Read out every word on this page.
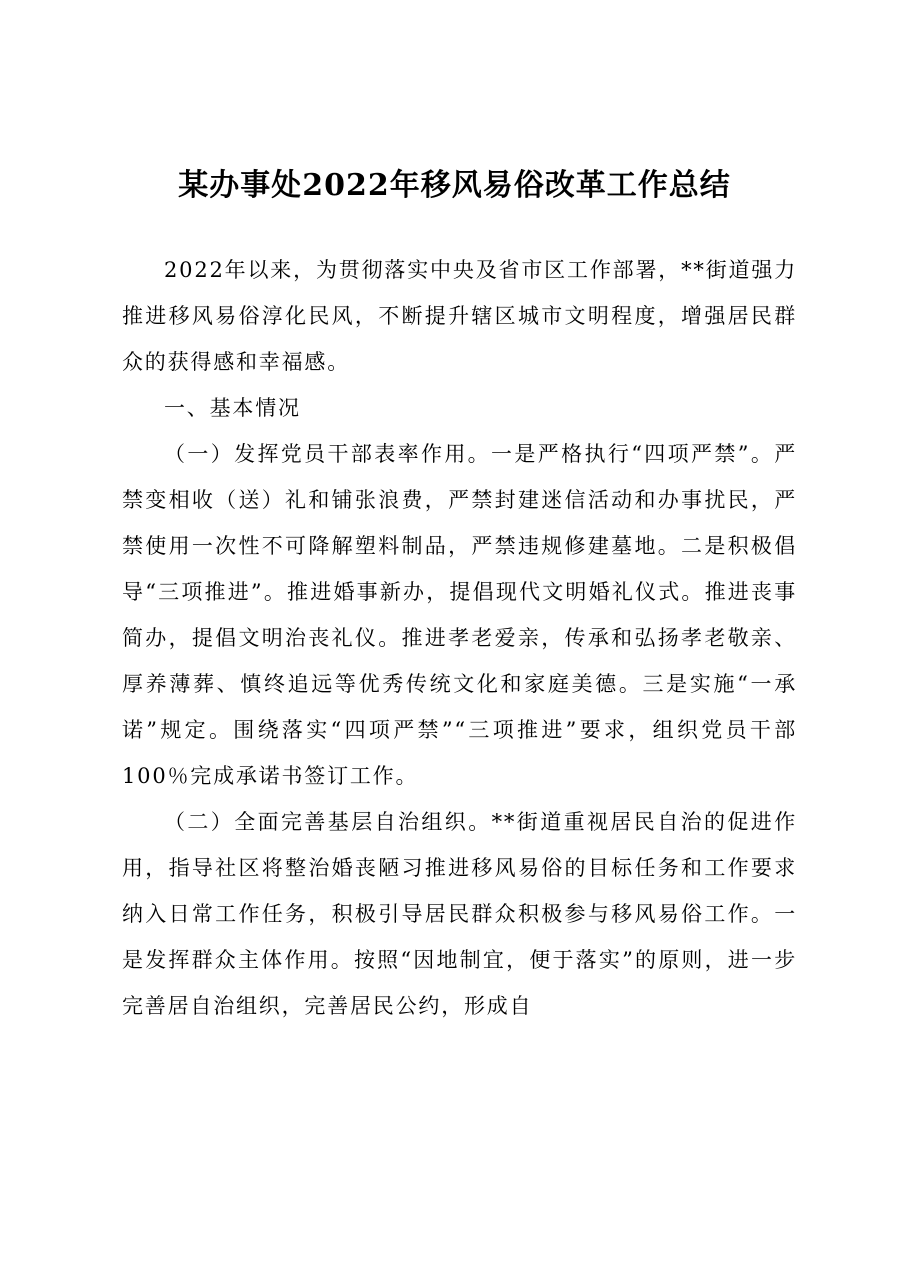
某办事处2022年移风易俗改革工作总结

2022年以来，为贯彻落实中央及省市区工作部署，**街道强力推进移风易俗淳化民风，不断提升辖区城市文明程度，增强居民群众的获得感和幸福感。

一、基本情况

（一）发挥党员干部表率作用。一是严格执行“四项严禁”。严禁变相收（送）礼和铺张浪费，严禁封建迷信活动和办事扰民，严禁使用一次性不可降解塑料制品，严禁违规修建墓地。二是积极倡导“三项推进”。推进婚事新办，提倡现代文明婚礼仪式。推进丧事简办，提倡文明治丧礼仪。推进孝老爱亲，传承和弘扬孝老敬亲、厚养薄葬、慎终追远等优秀传统文化和家庭美德。三是实施“一承诺”规定。围绕落实“四项严禁”“三项推进”要求，组织党员干部100％完成承诺书签订工作。

（二）全面完善基层自治组织。**街道重视居民自治的促进作用，指导社区将整治婚丧陋习推进移风易俗的目标任务和工作要求纳入日常工作任务，积极引导居民群众积极参与移风易俗工作。一是发挥群众主体作用。按照“因地制宜，便于落实”的原则，进一步完善居自治组织，完善居民公约，形成自
